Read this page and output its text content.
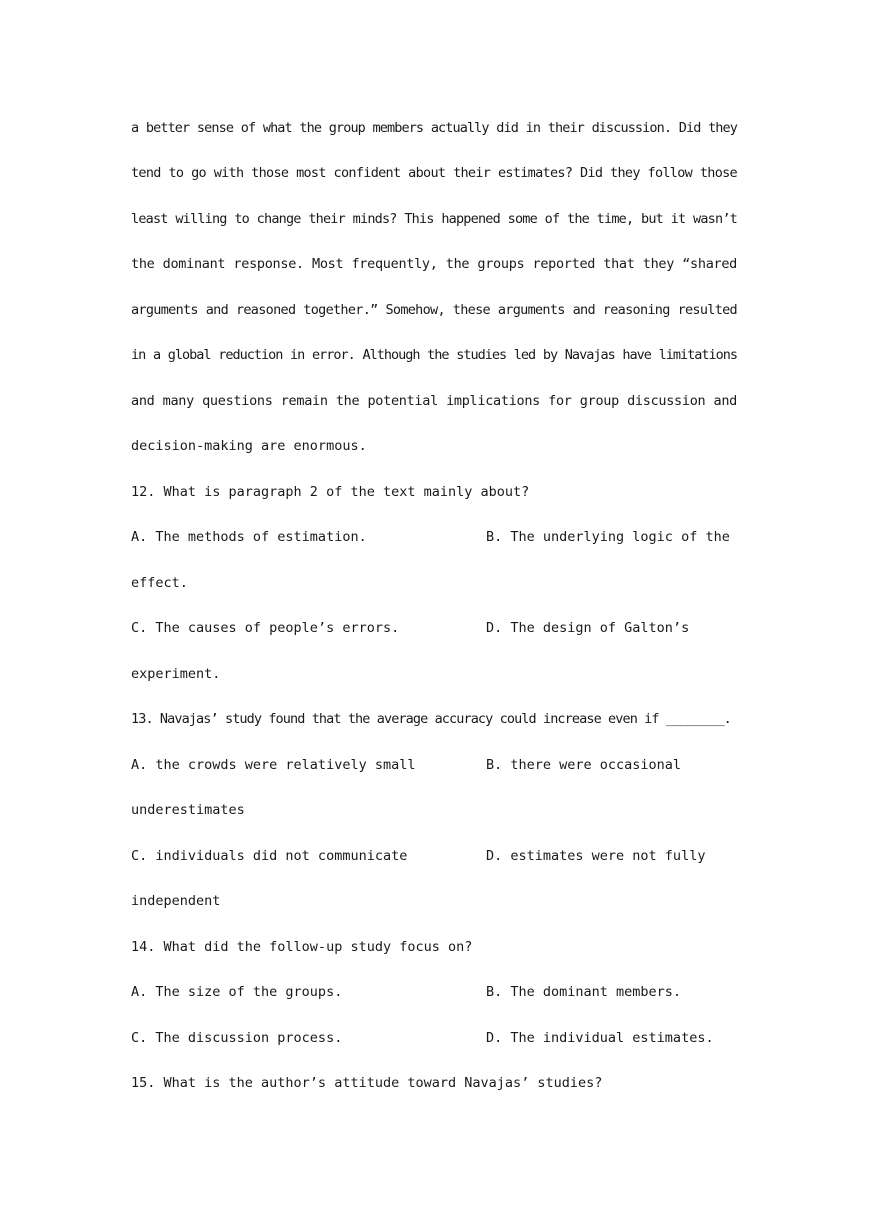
a better sense of what the group members actually did in their discussion. Did they
tend to go with those most confident about their estimates? Did they follow those
least willing to change their minds? This happened some of the time, but it wasn’t
the dominant response. Most frequently, the groups reported that they “shared
arguments and reasoned together.” Somehow, these arguments and reasoning resulted
in a global reduction in error. Although the studies led by Navajas have limitations
and many questions remain the potential implications for group discussion and
decision-making are enormous.
12. What is paragraph 2 of the text mainly about?
A. The methods of estimation.	B. The underlying logic of the
effect.
C. The causes of people’s errors.	D. The design of Galton’s
experiment.
13. Navajas’ study found that the average accuracy could increase even if ________.
A. the crowds were relatively small	B. there were occasional
underestimates
C. individuals did not communicate	D. estimates were not fully
independent
14. What did the follow-up study focus on?
A. The size of the groups.	B. The dominant members.
C. The discussion process.	D. The individual estimates.
15. What is the author’s attitude toward Navajas’ studies?
